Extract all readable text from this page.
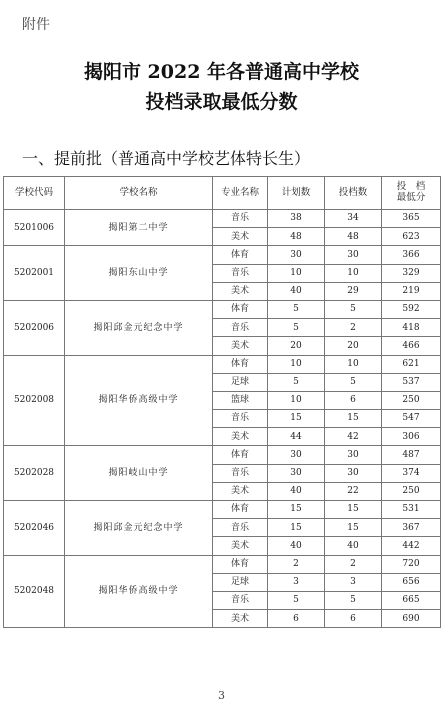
附件
揭阳市 2022 年各普通高中学校
投档录取最低分数
一、提前批（普通高中学校艺体特长生）
学校代码	学校名称	专业名称	计划数	投档数	投　档
最低分

5201006	揭阳第二中学	音乐	38	34	365
		美术	48	48	623
5202001	揭阳东山中学	体育	30	30	366
		音乐	10	10	329
		美术	40	29	219
5202006	揭阳邱金元纪念中学	体育	5	5	592
		音乐	5	2	418
		美术	20	20	466
5202008	揭阳华侨高级中学	体育	10	10	621
		足球	5	5	537
		篮球	10	6	250
		音乐	15	15	547
		美术	44	42	306
5202028	揭阳岐山中学	体育	30	30	487
		音乐	30	30	374
		美术	40	22	250
5202046	揭阳邱金元纪念中学	体育	15	15	531
		音乐	15	15	367
		美术	40	40	442
5202048	揭阳华侨高级中学	体育	2	2	720
		足球	3	3	656
		音乐	5	5	665
		美术	6	6	690
3
